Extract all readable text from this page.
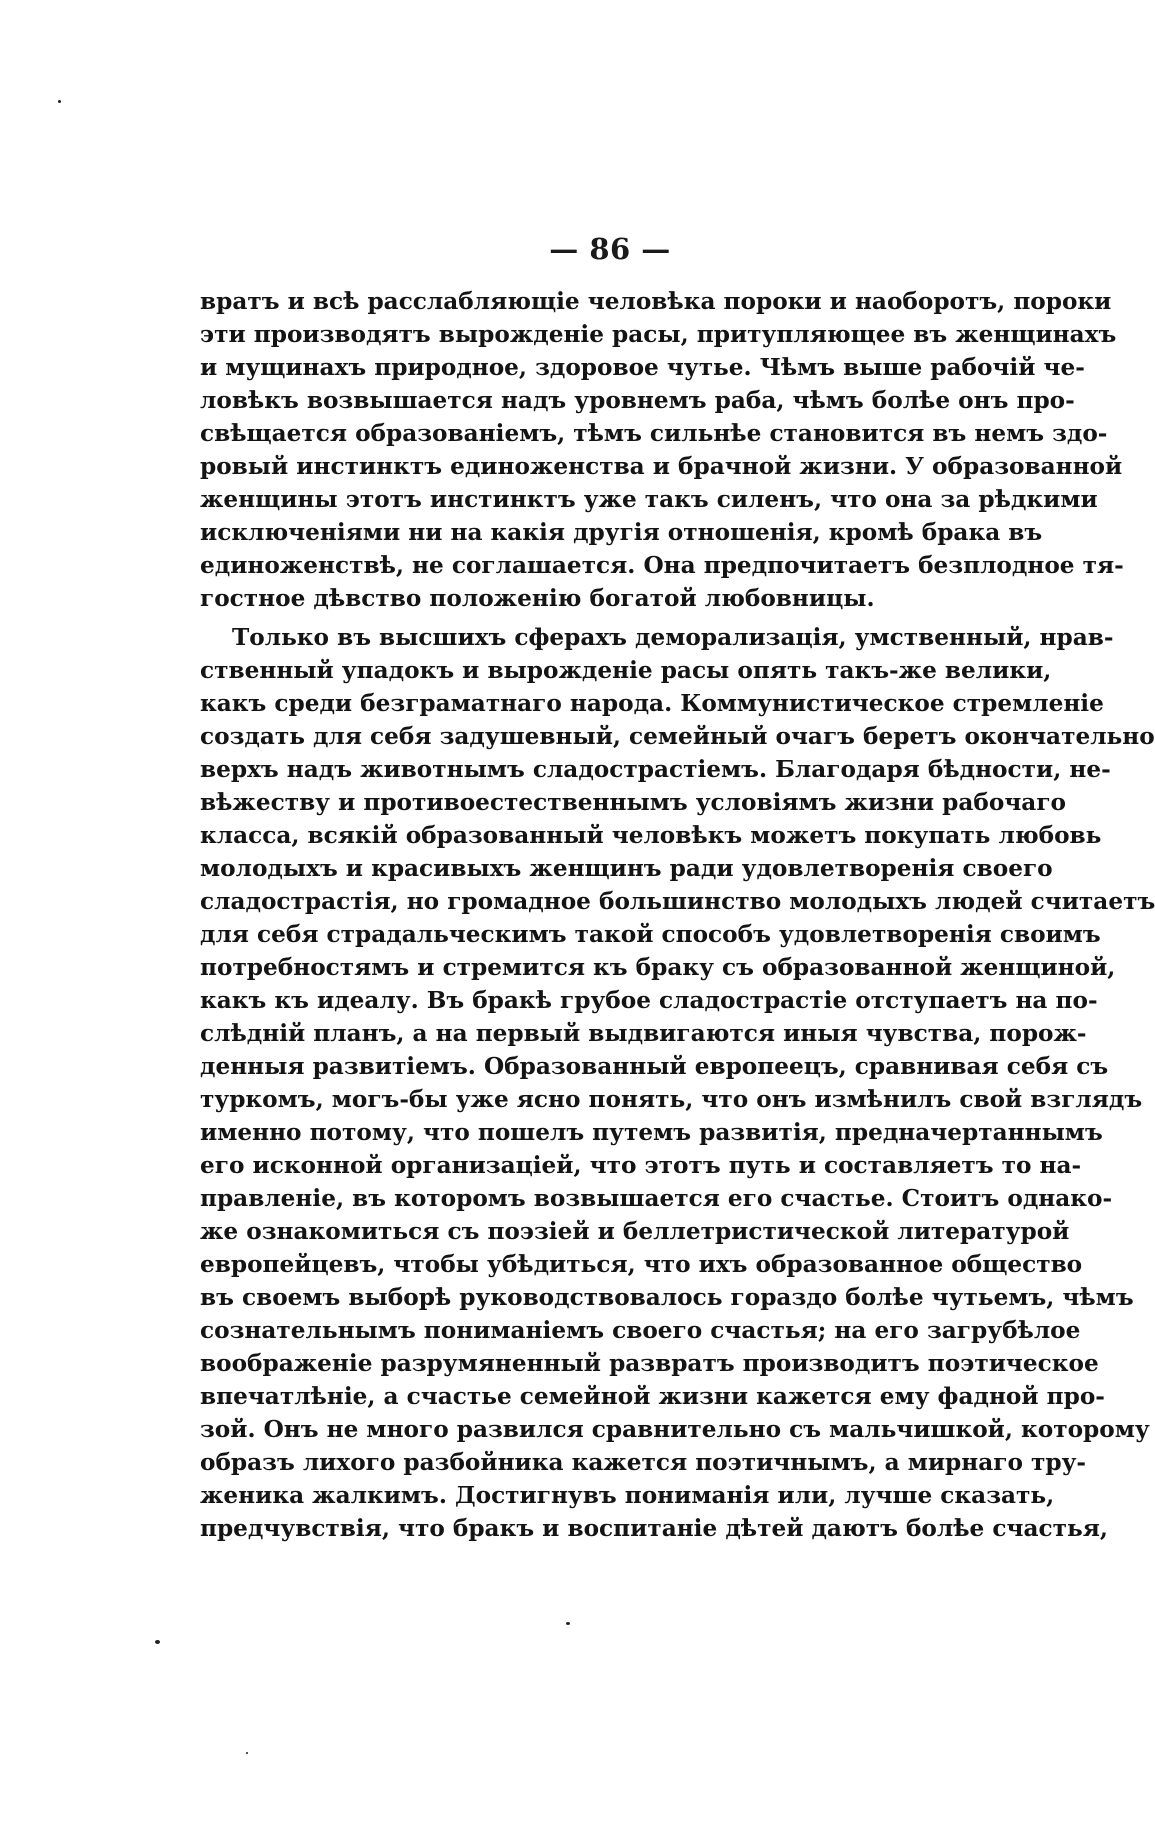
— 86 —
вратъ и всѣ расслабляющіе человѣка пороки и наоборотъ, пороки
эти производятъ вырожденіе расы, притупляющее въ женщинахъ
и мущинахъ природное, здоровое чутье. Чѣмъ выше рабочій че-
ловѣкъ возвышается надъ уровнемъ раба, чѣмъ болѣе онъ про-
свѣщается образованіемъ, тѣмъ сильнѣе становится въ немъ здо-
ровый инстинктъ единоженства и брачной жизни. У образованной
женщины этотъ инстинктъ уже такъ силенъ, что она за рѣдкими
исключеніями ни на какія другія отношенія, кромѣ брака въ
единоженствѣ, не соглашается. Она предпочитаетъ безплодное тя-
гостное дѣвство положенію богатой любовницы.
Только въ высшихъ сферахъ деморализація, умственный, нрав-
ственный упадокъ и вырожденіе расы опять такъ-же велики,
какъ среди безграматнаго народа. Коммунистическое стремленіе
создать для себя задушевный, семейный очагъ беретъ окончательно
верхъ надъ животнымъ сладострастіемъ. Благодаря бѣдности, не-
вѣжеству и противоестественнымъ условіямъ жизни рабочаго
класса, всякій образованный человѣкъ можетъ покупать любовь
молодыхъ и красивыхъ женщинъ ради удовлетворенія своего
сладострастія, но громадное большинство молодыхъ людей считаетъ
для себя страдальческимъ такой способъ удовлетворенія своимъ
потребностямъ и стремится къ браку съ образованной женщиной,
какъ къ идеалу. Въ бракѣ грубое сладострастіе отступаетъ на по-
слѣдній планъ, а на первый выдвигаются иныя чувства, порож-
денныя развитіемъ. Образованный европеецъ, сравнивая себя съ
туркомъ, могъ-бы уже ясно понять, что онъ измѣнилъ свой взглядъ
именно потому, что пошелъ путемъ развитія, предначертаннымъ
его исконной организаціей, что этотъ путь и составляетъ то на-
правленіе, въ которомъ возвышается его счастье. Стоитъ однако-
же ознакомиться съ поэзіей и беллетристической литературой
европейцевъ, чтобы убѣдиться, что ихъ образованное общество
въ своемъ выборѣ руководствовалось гораздо болѣе чутьемъ, чѣмъ
сознательнымъ пониманіемъ своего счастья; на его загрубѣлое
воображеніе разрумяненный развратъ производитъ поэтическое
впечатлѣніе, а счастье семейной жизни кажется ему фадной про-
зой. Онъ не много развился сравнительно съ мальчишкой, которому
образъ лихого разбойника кажется поэтичнымъ, а мирнаго тру-
женика жалкимъ. Достигнувъ пониманія или, лучше сказать,
предчувствія, что бракъ и воспитаніе дѣтей даютъ болѣе счастья,
